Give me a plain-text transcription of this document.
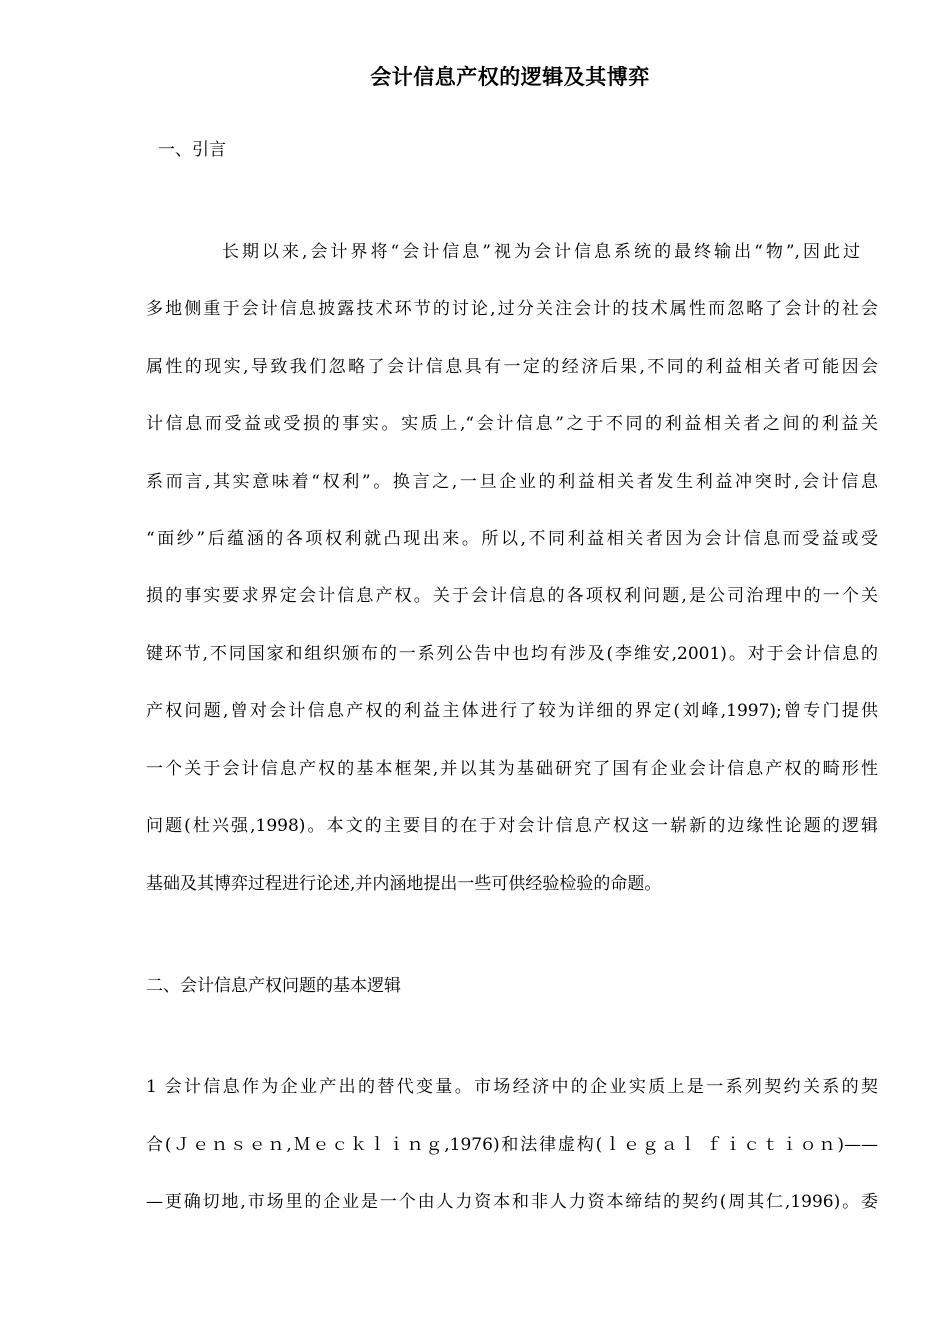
会计信息产权的逻辑及其博弈
一、引言
长期以来,会计界将“会计信息”视为会计信息系统的最终输出“物”,因此过
多地侧重于会计信息披露技术环节的讨论,过分关注会计的技术属性而忽略了会计的社会
属性的现实,导致我们忽略了会计信息具有一定的经济后果,不同的利益相关者可能因会
计信息而受益或受损的事实。实质上,“会计信息”之于不同的利益相关者之间的利益关
系而言,其实意味着“权利”。换言之,一旦企业的利益相关者发生利益冲突时,会计信息
“面纱”后蕴涵的各项权利就凸现出来。所以,不同利益相关者因为会计信息而受益或受
损的事实要求界定会计信息产权。关于会计信息的各项权利问题,是公司治理中的一个关
键环节,不同国家和组织颁布的一系列公告中也均有涉及(李维安,2001)。对于会计信息的
产权问题,曾对会计信息产权的利益主体进行了较为详细的界定(刘峰,1997);曾专门提供
一个关于会计信息产权的基本框架,并以其为基础研究了国有企业会计信息产权的畸形性
问题(杜兴强,1998)。本文的主要目的在于对会计信息产权这一崭新的边缘性论题的逻辑
基础及其博弈过程进行论述,并内涵地提出一些可供经验检验的命题。
二、会计信息产权问题的基本逻辑
1 会计信息作为企业产出的替代变量。市场经济中的企业实质上是一系列契约关系的契
合(Ｊｅｎｓｅｎ,Ｍｅｃｋｌｉｎｇ,1976)和法律虚构(ｌｅｇａｌ ｆｉｃｔｉｏｎ)——
—更确切地,市场里的企业是一个由人力资本和非人力资本缔结的契约(周其仁,1996)。委
